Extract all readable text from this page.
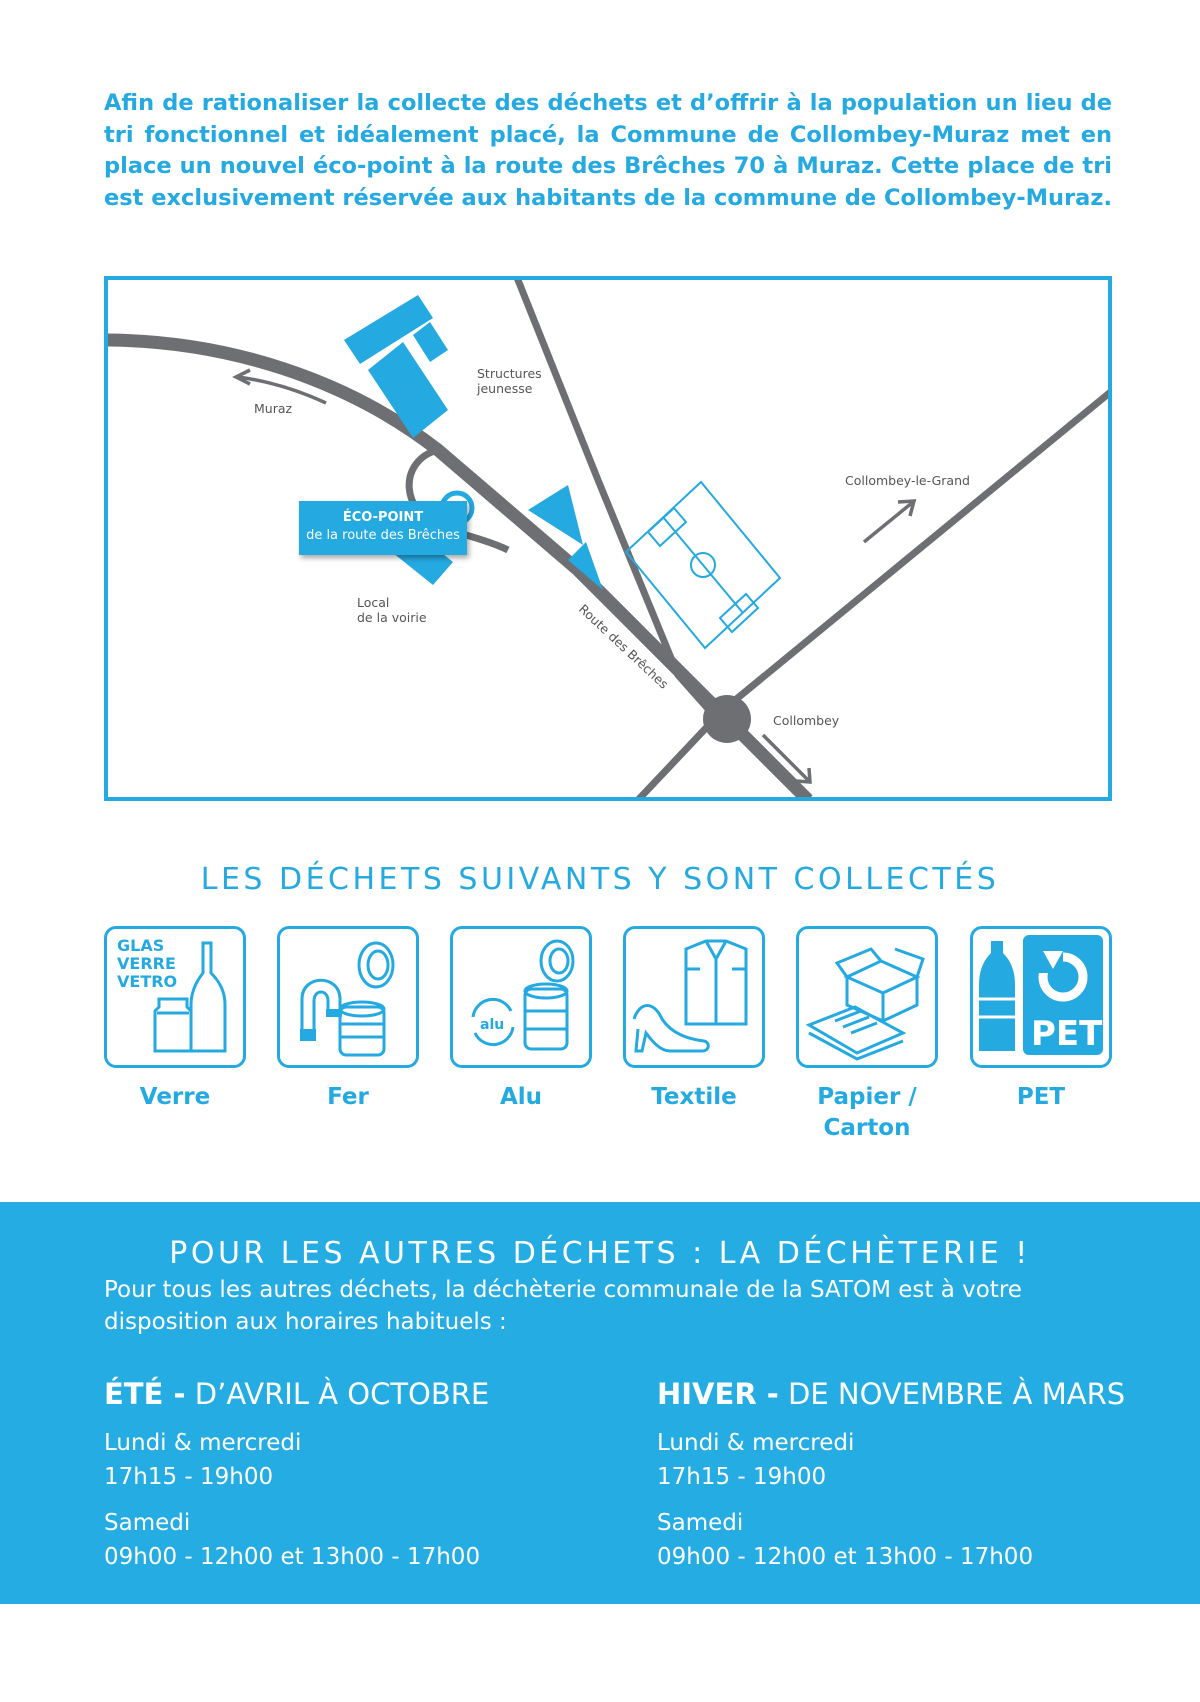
Afin de rationaliser la collecte des déchets et d’offrir à la population un lieu de tri fonctionnel et idéalement placé, la Commune de Collombey-Muraz met en place un nouvel éco-point à la route des Brêches 70 à Muraz. Cette place de tri est exclusivement réservée aux habitants de la commune de Collombey-Muraz.

Muraz
Structures
jeunesse
Collombey-le-Grand
Local
de la voirie	Route des Brêches
Collombey
ÉCO-POINT
de la route des Brêches
LES DÉCHETS SUIVANTS Y SONT COLLECTÉS
GLAS
VERRE
VETRO
Verre	Fer
alu
Alu	Textile	Papier /
Carton
PET
PET
POUR LES AUTRES DÉCHETS : LA DÉCHÈTERIE !

Pour tous les autres déchets, la déchèterie communale de la SATOM est à votre disposition aux horaires habituels :

ÉTÉ - D’AVRIL À OCTOBRE
Lundi & mercredi
17h15 - 19h00
Samedi
09h00 - 12h00 et 13h00 - 17h00
HIVER - DE NOVEMBRE À MARS
Lundi & mercredi
17h15 - 19h00
Samedi
09h00 - 12h00 et 13h00 - 17h00
